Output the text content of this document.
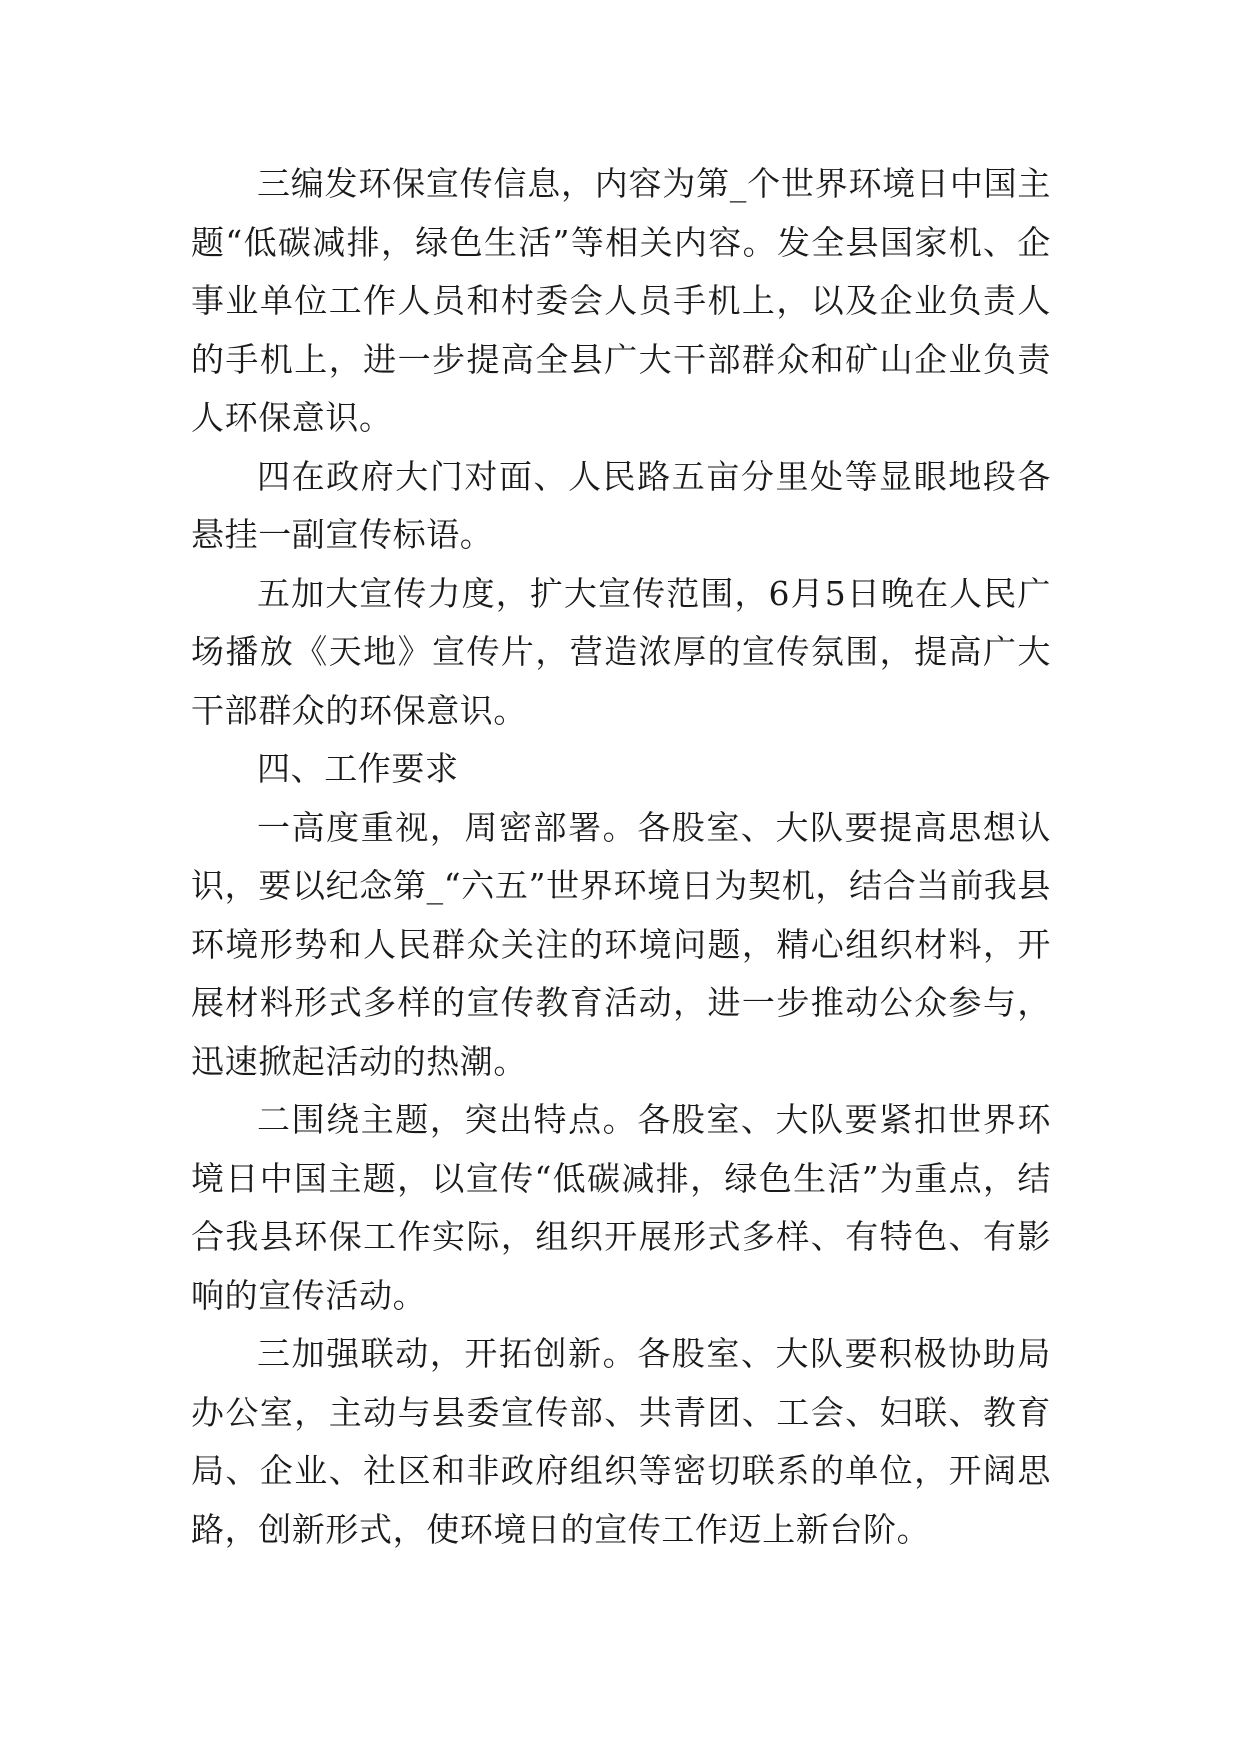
三编发环保宣传信息，内容为第_个世界环境日中国主题“低碳减排，绿色生活”等相关内容。发全县国家机、企事业单位工作人员和村委会人员手机上，以及企业负责人的手机上，进一步提高全县广大干部群众和矿山企业负责人环保意识。

四在政府大门对面、人民路五亩分里处等显眼地段各悬挂一副宣传标语。

五加大宣传力度，扩大宣传范围，6月5日晚在人民广场播放《天地》宣传片，营造浓厚的宣传氛围，提高广大干部群众的环保意识。

四、工作要求

一高度重视，周密部署。各股室、大队要提高思想认识，要以纪念第_“六五”世界环境日为契机，结合当前我县环境形势和人民群众关注的环境问题，精心组织材料，开展材料形式多样的宣传教育活动，进一步推动公众参与，迅速掀起活动的热潮。

二围绕主题，突出特点。各股室、大队要紧扣世界环境日中国主题，以宣传“低碳减排，绿色生活”为重点，结合我县环保工作实际，组织开展形式多样、有特色、有影响的宣传活动。

三加强联动，开拓创新。各股室、大队要积极协助局办公室，主动与县委宣传部、共青团、工会、妇联、教育局、企业、社区和非政府组织等密切联系的单位，开阔思路，创新形式，使环境日的宣传工作迈上新台阶。
